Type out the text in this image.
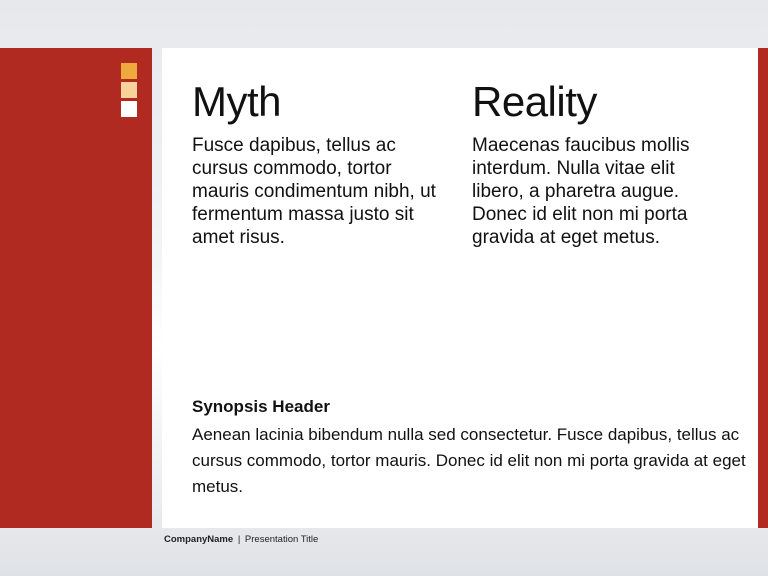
Myth

Fusce dapibus, tellus ac cursus commodo, tortor mauris condimentum nibh, ut fermentum massa justo sit amet risus.

Reality

Maecenas faucibus mollis interdum. Nulla vitae elit libero, a pharetra augue. Donec id elit non mi porta gravida at eget metus.

Synopsis Header

Aenean lacinia bibendum nulla sed consectetur. Fusce dapibus, tellus ac cursus commodo, tortor mauris. Donec id elit non mi porta gravida at eget metus.

CompanyName | Presentation Title
